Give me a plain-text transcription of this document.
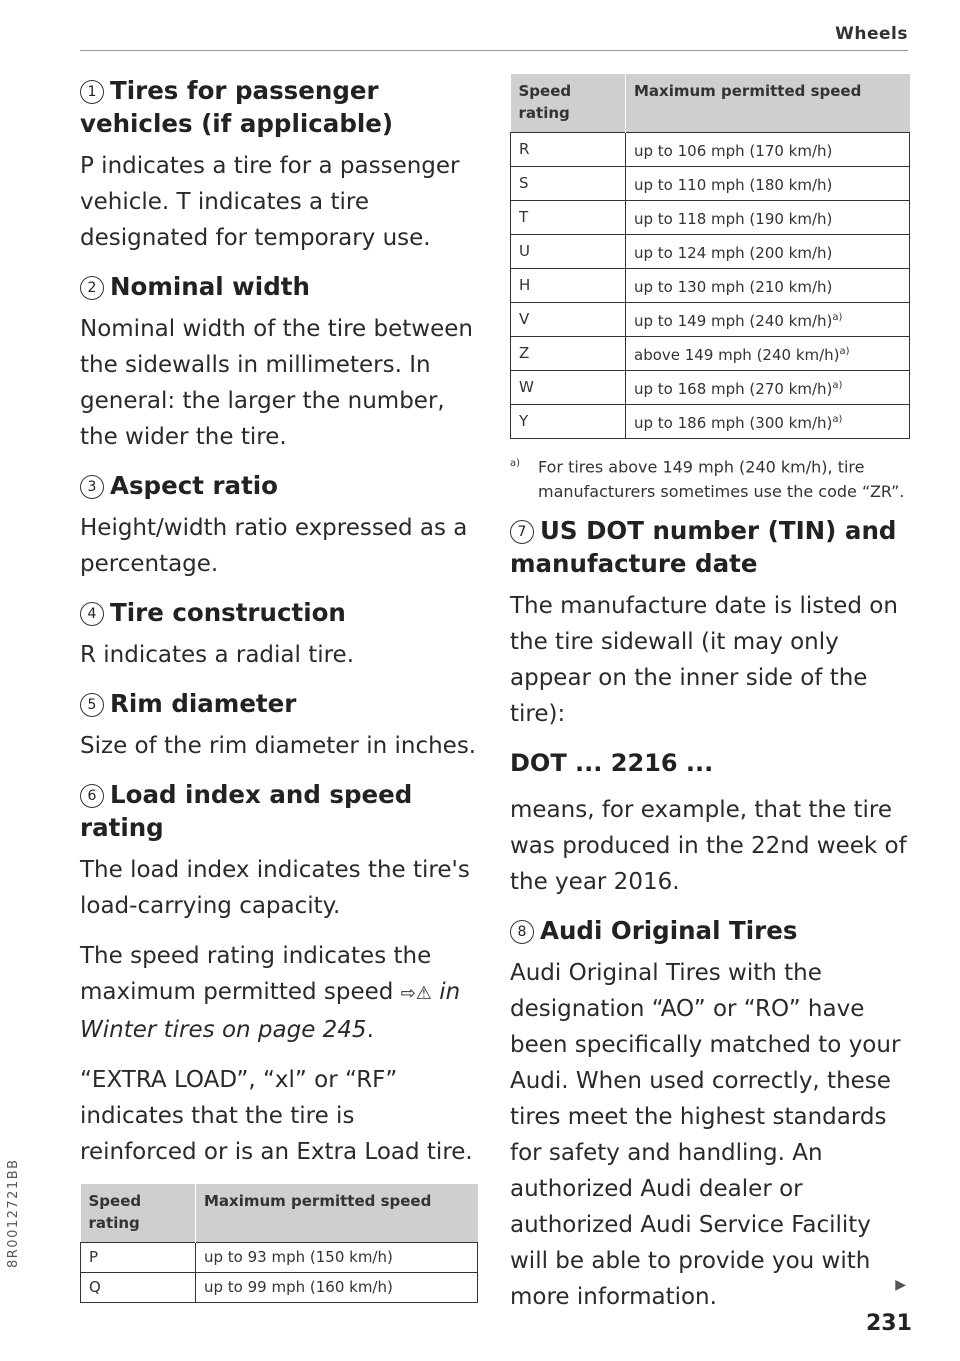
Wheels
1 Tires for passenger vehicles (if applicable)

P indicates a tire for a passenger vehicle. T indicates a tire designated for temporary use.

2 Nominal width

Nominal width of the tire between the sidewalls in millimeters. In general: the larger the number, the wider the tire.

3 Aspect ratio

Height/width ratio expressed as a percentage.

4 Tire construction

R indicates a radial tire.

5 Rim diameter

Size of the rim diameter in inches.

6 Load index and speed rating

The load index indicates the tire's load-carrying capacity.

The speed rating indicates the maximum permitted speed ⇨⚠ in Winter tires on page 245.

“EXTRA LOAD”, “xl” or “RF” indicates that the tire is reinforced or is an Extra Load tire.

Speed rating	Maximum permitted speed
P	up to 93 mph (150 km/h)
Q	up to 99 mph (160 km/h)
Speed rating	Maximum permitted speed
R	up to 106 mph (170 km/h)
S	up to 110 mph (180 km/h)
T	up to 118 mph (190 km/h)
U	up to 124 mph (200 km/h)
H	up to 130 mph (210 km/h)
V	up to 149 mph (240 km/h)$^{a)}$
Z	above 149 mph (240 km/h)$^{a)}$
W	up to 168 mph (270 km/h)$^{a)}$
Y	up to 186 mph (300 km/h)$^{a)}$
$^{a)}$ For tires above 149 mph (240 km/h), tire manufacturers sometimes use the code “ZR”.
7 US DOT number (TIN) and manufacture date

The manufacture date is listed on the tire sidewall (it may only appear on the inner side of the tire):

DOT ... 2216 ...

means, for example, that the tire was produced in the 22nd week of the year 2016.

8 Audi Original Tires

Audi Original Tires with the designation “AO” or “RO” have been specifically matched to your Audi. When used correctly, these tires meet the highest standards for safety and handling. An authorized Audi dealer or authorized Audi Service Facility will be able to provide you with more information.	▶

231
8R0012721BB
